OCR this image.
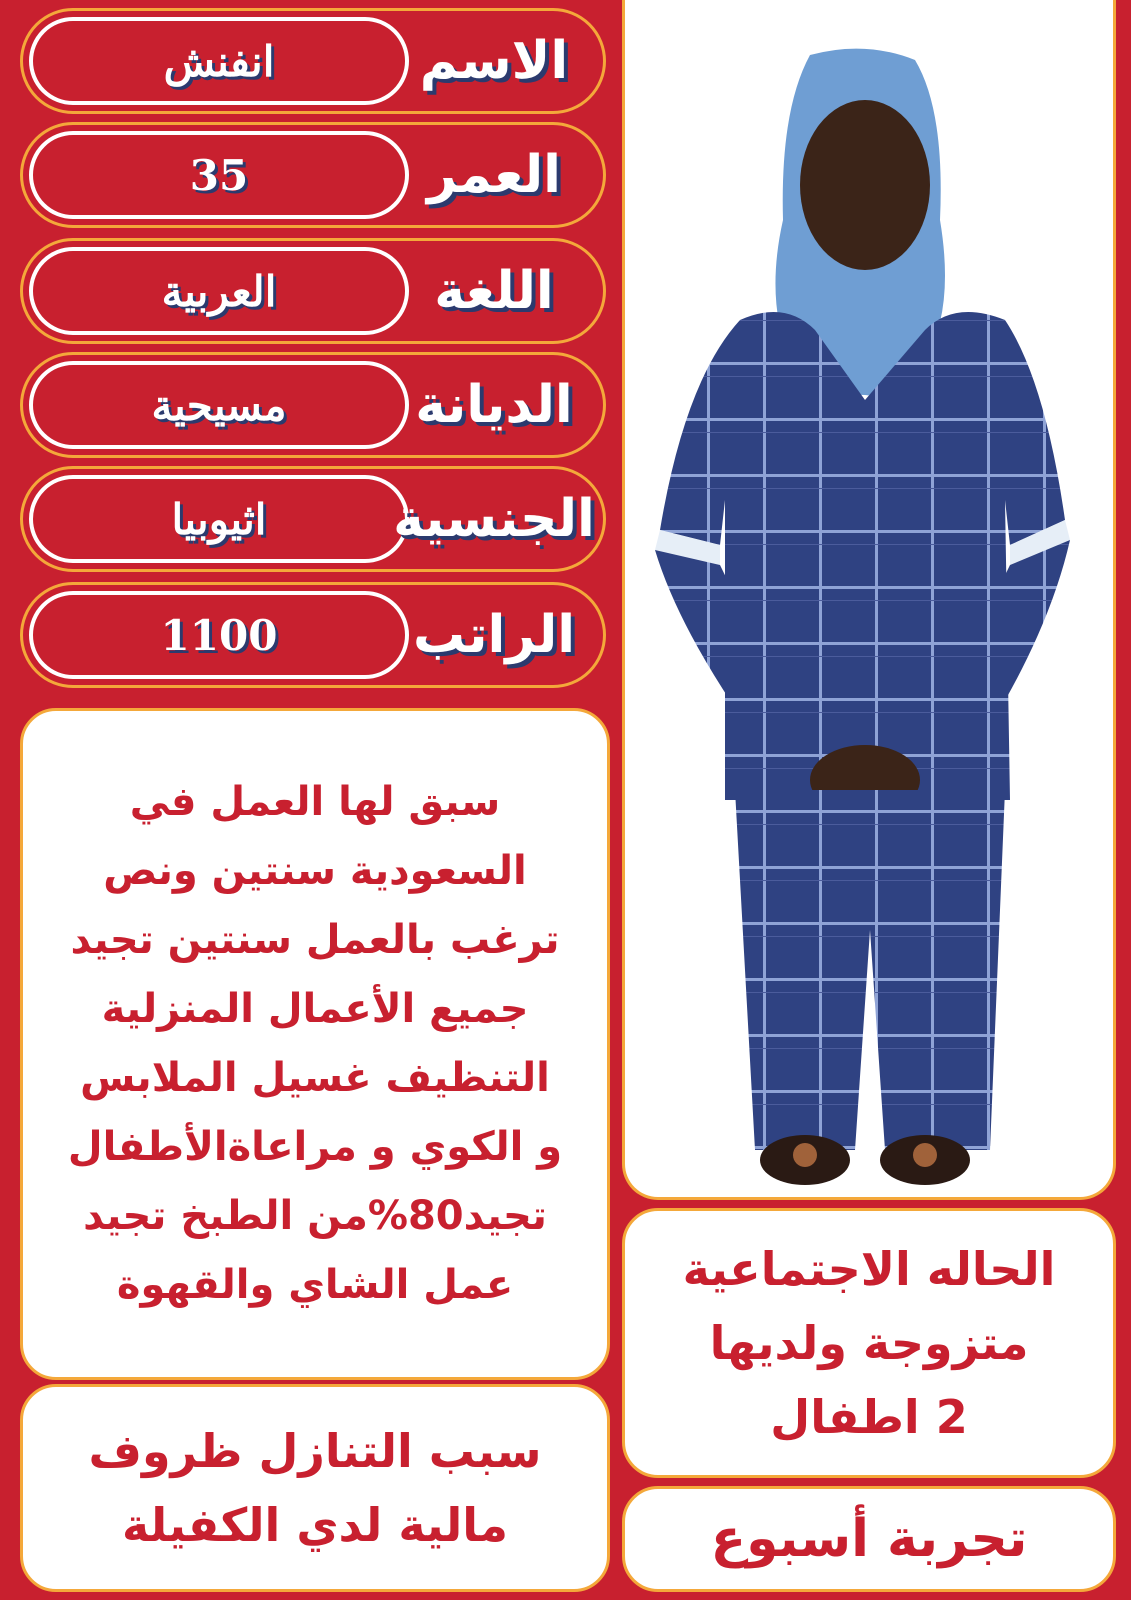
انفنش	الاسم
35	العمر
العربية	اللغة
مسيحية	الديانة
اثيوبيا	الجنسية
1100	الراتب
سبق لها العمل في
السعودية سنتين ونص
ترغب بالعمل سنتين تجيد
جميع الأعمال المنزلية
التنظيف غسيل الملابس
و الكوي و مراعاةالأطفال
تجيد80%من الطبخ تجيد
عمل الشاي والقهوة
سبب التنازل ظروف
مالية لدي الكفيلة
الحاله الاجتماعية
متزوجة ولديها
2 اطفال
تجربة أسبوع
